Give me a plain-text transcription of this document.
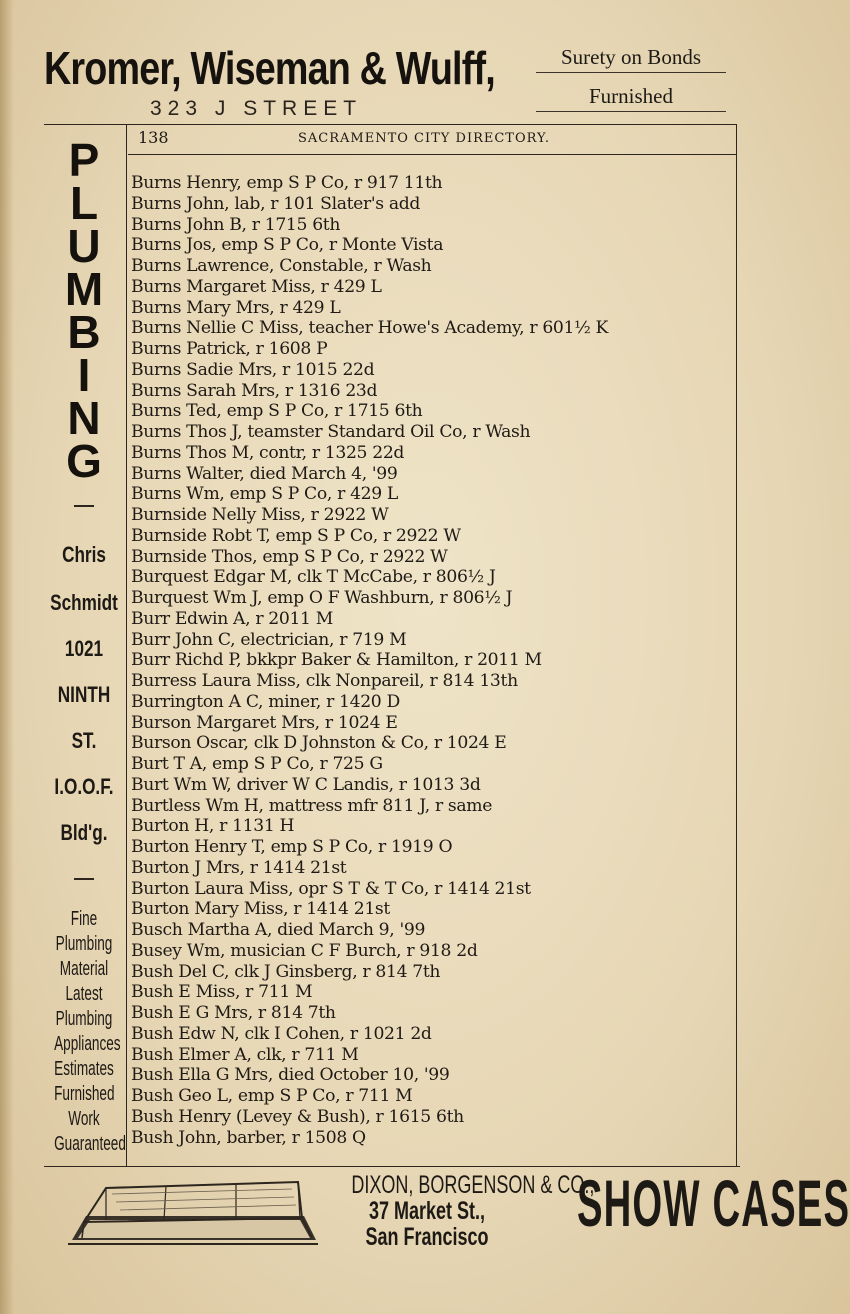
Kromer, Wiseman & Wulff,
323 J STREET
Surety on Bonds
Furnished
138	SACRAMENTO CITY DIRECTORY.
P
L
U
M
B
I
N
G
Chris
Schmidt
1021
NINTH
ST.
I.O.O.F.
Bld'g.
Fine
Plumbing
Material
Latest
Plumbing
Appliances
Estimates
Furnished
Work
Guaranteed
Burns Henry, emp S P Co, r 917 11th
Burns John, lab, r 101 Slater's add
Burns John B, r 1715 6th
Burns Jos, emp S P Co, r Monte Vista
Burns Lawrence, Constable, r Wash
Burns Margaret Miss, r 429 L
Burns Mary Mrs, r 429 L
Burns Nellie C Miss, teacher Howe's Academy, r 601½ K
Burns Patrick, r 1608 P
Burns Sadie Mrs, r 1015 22d
Burns Sarah Mrs, r 1316 23d
Burns Ted, emp S P Co, r 1715 6th
Burns Thos J, teamster Standard Oil Co, r Wash
Burns Thos M, contr, r 1325 22d
Burns Walter, died March 4, '99
Burns Wm, emp S P Co, r 429 L
Burnside Nelly Miss, r 2922 W
Burnside Robt T, emp S P Co, r 2922 W
Burnside Thos, emp S P Co, r 2922 W
Burquest Edgar M, clk T McCabe, r 806½ J
Burquest Wm J, emp O F Washburn, r 806½ J
Burr Edwin A, r 2011 M
Burr John C, electrician, r 719 M
Burr Richd P, bkkpr Baker & Hamilton, r 2011 M
Burress Laura Miss, clk Nonpareil, r 814 13th
Burrington A C, miner, r 1420 D
Burson Margaret Mrs, r 1024 E
Burson Oscar, clk D Johnston & Co, r 1024 E
Burt T A, emp S P Co, r 725 G
Burt Wm W, driver W C Landis, r 1013 3d
Burtless Wm H, mattress mfr 811 J, r same
Burton H, r 1131 H
Burton Henry T, emp S P Co, r 1919 O
Burton J Mrs, r 1414 21st
Burton Laura Miss, opr S T & T Co, r 1414 21st
Burton Mary Miss, r 1414 21st
Busch Martha A, died March 9, '99
Busey Wm, musician C F Burch, r 918 2d
Bush Del C, clk J Ginsberg, r 814 7th
Bush E Miss, r 711 M
Bush E G Mrs, r 814 7th
Bush Edw N, clk I Cohen, r 1021 2d
Bush Elmer A, clk, r 711 M
Bush Ella G Mrs, died October 10, '99
Bush Geo L, emp S P Co, r 711 M
Bush Henry (Levey & Bush), r 1615 6th
Bush John, barber, r 1508 Q
DIXON, BORGENSON & CO.,
37 Market St.,
San Francisco SHOW CASES
